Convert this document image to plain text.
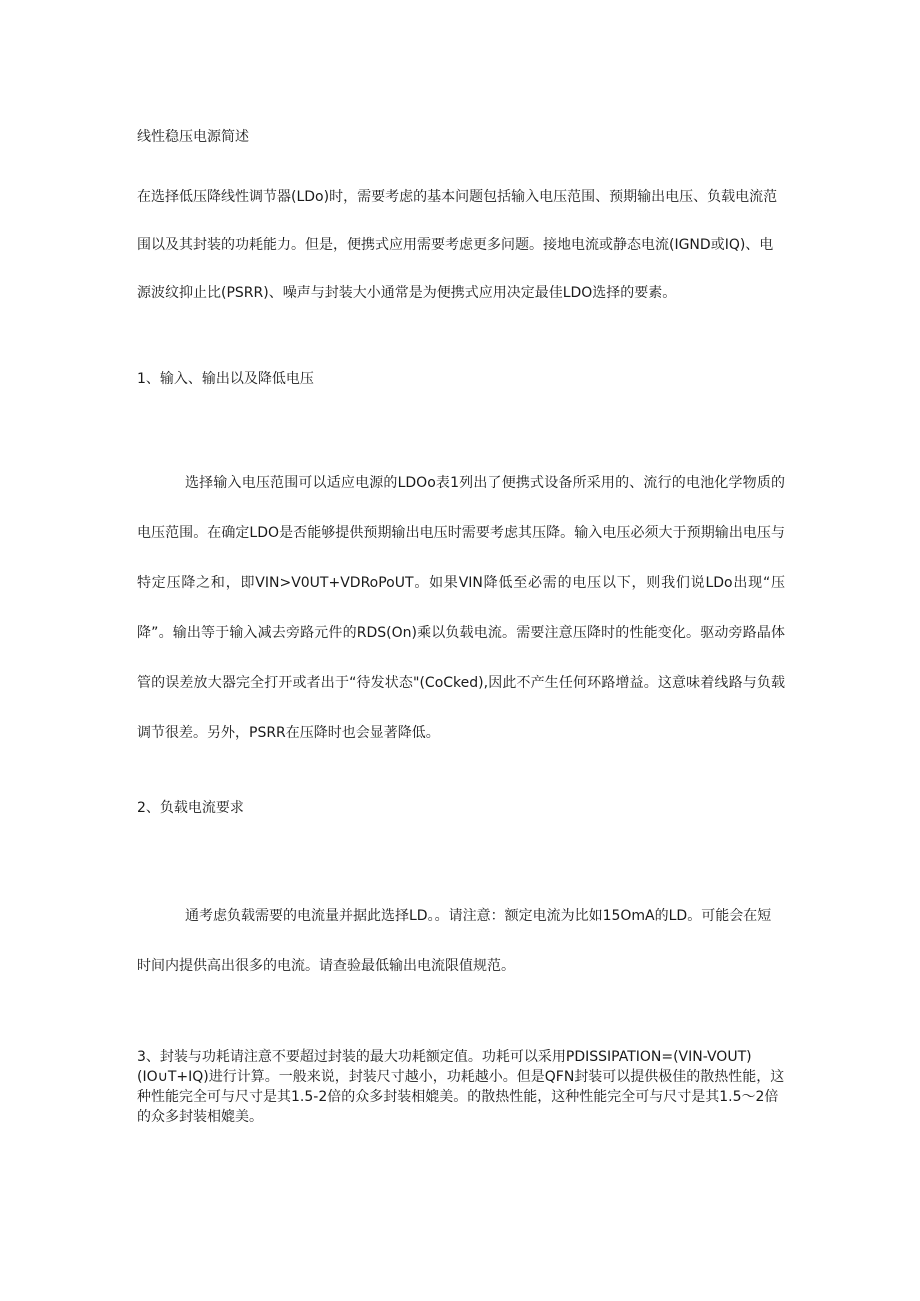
线性稳压电源简述

在选择低压降线性调节器(LDo)时，需要考虑的基本问题包括输入电压范围、预期输出电压、负载电流范围以及其封装的功耗能力。但是，便携式应用需要考虑更多问题。接地电流或静态电流(IGND或IQ)、电源波纹抑止比(PSRR)、噪声与封装大小通常是为便携式应用决定最佳LDO选择的要素。

1、输入、输出以及降低电压

选择输入电压范围可以适应电源的LDOo表1列出了便携式设备所采用的、流行的电池化学物质的电压范围。在确定LDO是否能够提供预期输出电压时需要考虑其压降。输入电压必须大于预期输出电压与特定压降之和，即VIN>V0UT+VDRoPoUT。如果VIN降低至必需的电压以下，则我们说LDo出现“压降”。输出等于输入减去旁路元件的RDS(On)乘以负载电流。需要注意压降时的性能变化。驱动旁路晶体管的误差放大器完全打开或者出于“待发状态"(CoCked),因此不产生任何环路增益。这意味着线路与负载调节很差。另外，PSRR在压降时也会显著降低。

2、负载电流要求

通考虑负载需要的电流量并据此选择LD。。请注意：额定电流为比如15OmA的LD。可能会在短时间内提供高出很多的电流。请查验最低输出电流限值规范。

3、封装与功耗请注意不要超过封装的最大功耗额定值。功耗可以采用PDISSIPATION=(VIN-VOUT)(IO∪T+IQ)进行计算。一般来说，封装尺寸越小，功耗越小。但是QFN封装可以提供极佳的散热性能，这种性能完全可与尺寸是其1.5-2倍的众多封装相媲美。的散热性能，这种性能完全可与尺寸是其1.5～2倍的众多封装相媲美。
